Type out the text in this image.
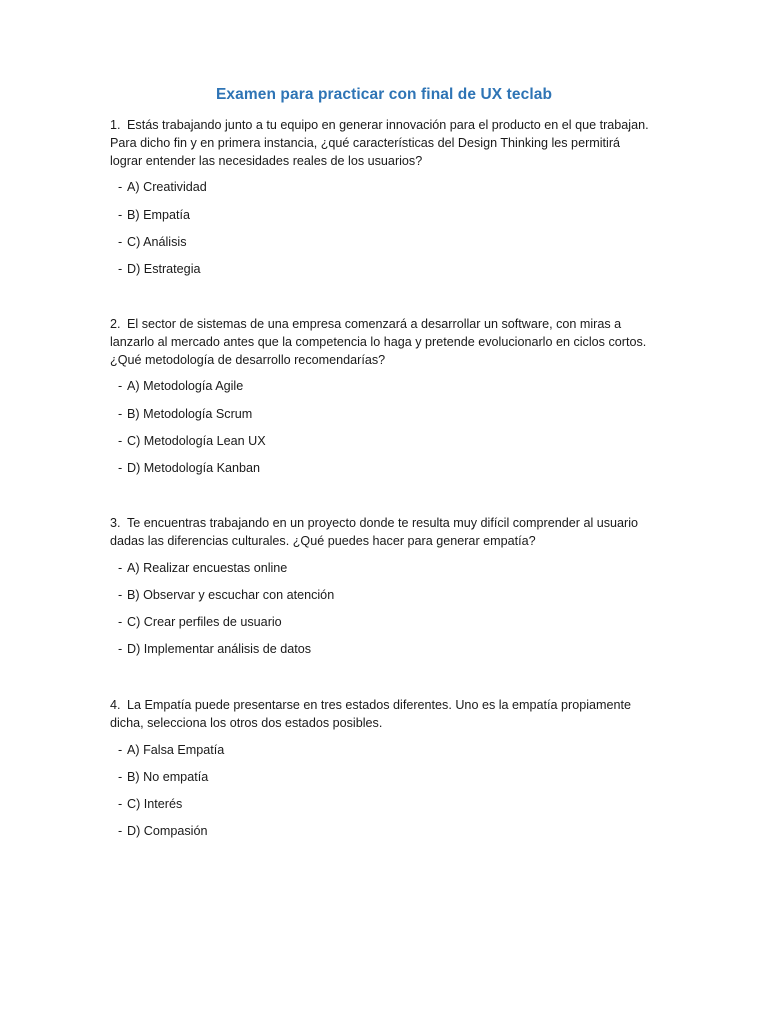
Examen para practicar con final de UX teclab

1. Estás trabajando junto a tu equipo en generar innovación para el producto en el que trabajan. Para dicho fin y en primera instancia, ¿qué características del Design Thinking les permitirá lograr entender las necesidades reales de los usuarios?

- A) Creatividad
- B) Empatía
- C) Análisis
- D) Estrategia

2. El sector de sistemas de una empresa comenzará a desarrollar un software, con miras a lanzarlo al mercado antes que la competencia lo haga y pretende evolucionarlo en ciclos cortos. ¿Qué metodología de desarrollo recomendarías?

- A) Metodología Agile
- B) Metodología Scrum
- C) Metodología Lean UX
- D) Metodología Kanban

3. Te encuentras trabajando en un proyecto donde te resulta muy difícil comprender al usuario dadas las diferencias culturales. ¿Qué puedes hacer para generar empatía?

- A) Realizar encuestas online
- B) Observar y escuchar con atención
- C) Crear perfiles de usuario
- D) Implementar análisis de datos

4. La Empatía puede presentarse en tres estados diferentes. Uno es la empatía propiamente dicha, selecciona los otros dos estados posibles.

- A) Falsa Empatía
- B) No empatía
- C) Interés
- D) Compasión
